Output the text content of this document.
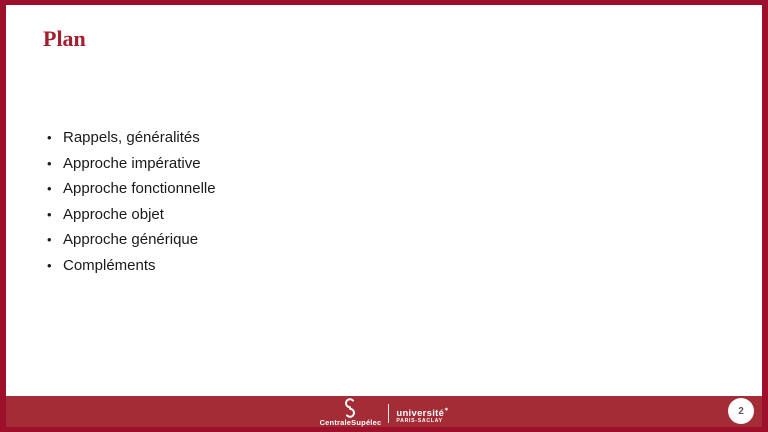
Plan
• Rappels, généralités
• Approche impérative
• Approche fonctionnelle
• Approche objet
• Approche générique
• Compléments
CentraleSupélec
université✶
PARIS-SACLAY
2
